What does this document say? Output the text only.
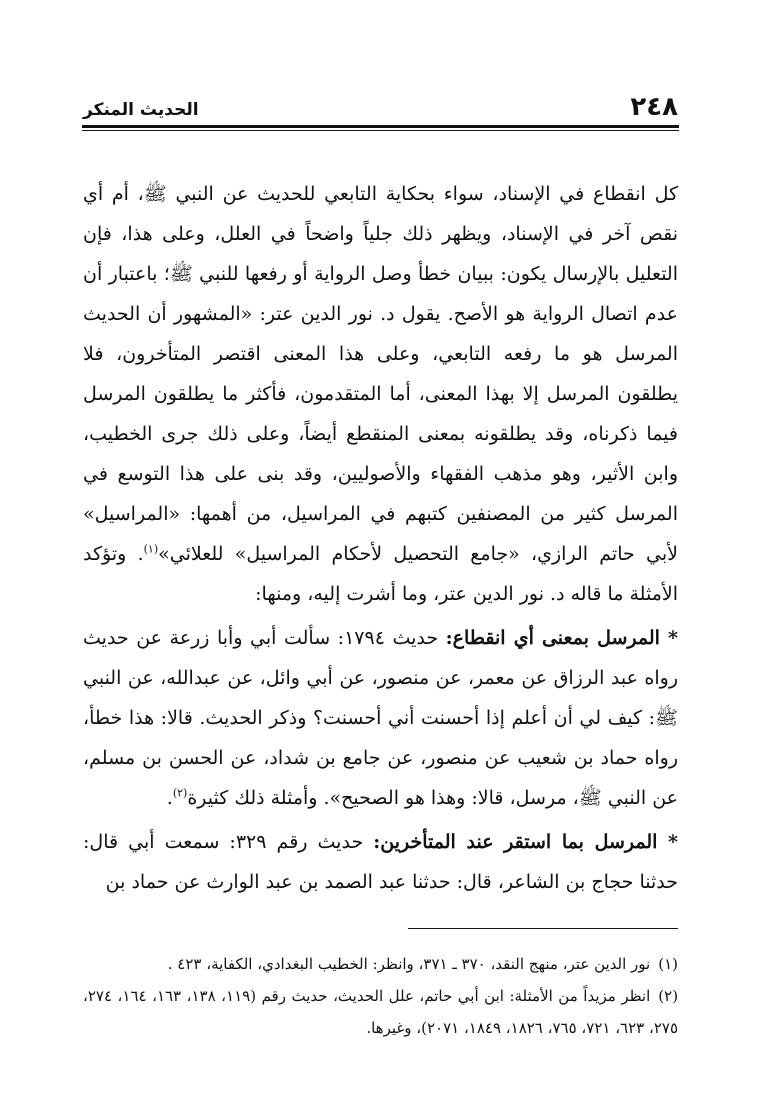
٢٤٨
الحديث المنكر

كل انقطاع في الإسناد، سواء بحكاية التابعي للحديث عن النبي ﷺ، أم أي نقص آخر في الإسناد، ويظهر ذلك جلياً واضحاً في العلل، وعلى هذا، فإن التعليل بالإرسال يكون: ببيان خطأ وصل الرواية أو رفعها للنبي ﷺ؛ باعتبار أن عدم اتصال الرواية هو الأصح. يقول د. نور الدين عتر: «المشهور أن الحديث المرسل هو ما رفعه التابعي، وعلى هذا المعنى اقتصر المتأخرون، فلا يطلقون المرسل إلا بهذا المعنى، أما المتقدمون، فأكثر ما يطلقون المرسل فيما ذكرناه، وقد يطلقونه بمعنى المنقطع أيضاً، وعلى ذلك جرى الخطيب، وابن الأثير، وهو مذهب الفقهاء والأصوليين، وقد بنى على هذا التوسع في المرسل كثير من المصنفين كتبهم في المراسيل، من أهمها: «المراسيل» لأبي حاتم الرازي، «جامع التحصيل لأحكام المراسيل» للعلائي»$^{(١)}$. وتؤكد الأمثلة ما قاله د. نور الدين عتر، وما أشرت إليه، ومنها:

* المرسل بمعنى أي انقطاع: حديث ١٧٩٤: سألت أبي وأبا زرعة عن حديث رواه عبد الرزاق عن معمر، عن منصور، عن أبي وائل، عن عبدالله، عن النبي ﷺ: كيف لي أن أعلم إذا أحسنت أني أحسنت؟ وذكر الحديث. قالا: هذا خطأ، رواه حماد بن شعيب عن منصور، عن جامع بن شداد، عن الحسن بن مسلم، عن النبي ﷺ، مرسل، قالا: وهذا هو الصحيح». وأمثلة ذلك كثيرة$^{(٢)}$.

* المرسل بما استقر عند المتأخرين: حديث رقم ٣٢٩: سمعت أبي قال: حدثنا حجاج بن الشاعر، قال: حدثنا عبد الصمد بن عبد الوارث عن حماد بن

(١)نور الدين عتر، منهج النقد، ٣٧٠ ـ ٣٧١، وانظر: الخطيب البغدادي، الكفاية، ٤٢٣ .

(٢)انظر مزيداً من الأمثلة: ابن أبي حاتم، علل الحديث، حديث رقم (١١٩، ١٣٨، ١٦٣، ١٦٤، ٢٧٤، ٢٧٥، ٦٢٣، ٧٢١، ٧٦٥، ١٨٢٦، ١٨٤٩، ٢٠٧١)، وغيرها.
